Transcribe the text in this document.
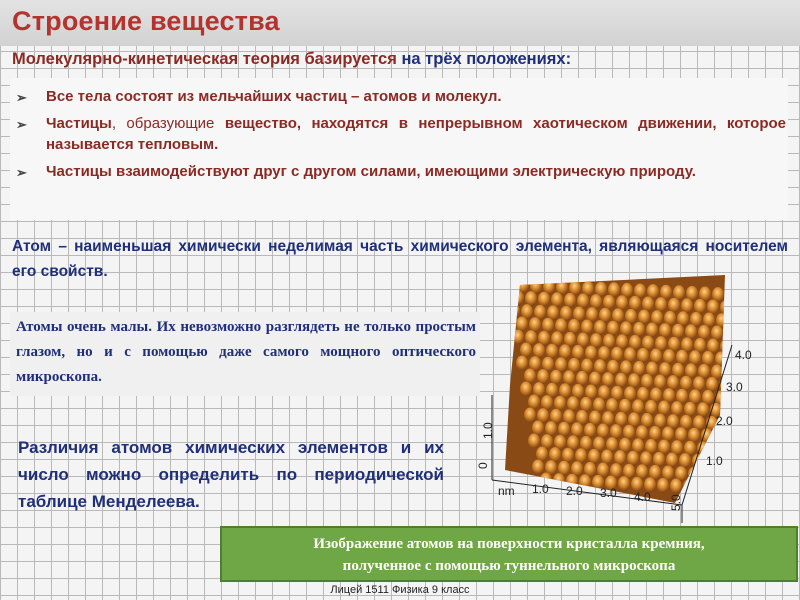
Строение вещества

Молекулярно-кинетическая теория базируется на трёх положениях:

➢ Все тела состоят из мельчайших частиц – атомов и молекул.
➢ Частицы, образующие вещество, находятся в непрерывном хаотическом движении, которое называется тепловым.
➢ Частицы взаимодействуют друг с другом силами, имеющими электрическую природу.

Атом – наименьшая химически неделимая часть химического элемента, являющаяся носителем его свойств.

Атомы очень малы. Их невозможно разглядеть не только простым глазом, но и с помощью даже самого мощного оптического микроскопа.

Различия атомов химических элементов и их число можно определить по периодической таблице Менделеева.

4.0
3.0
2.0
1.0
nm 1.0 2.0 3.0 4.0 5.0
0
1.0
Изображение атомов на поверхности кристалла кремния,
полученное с помощью туннельного микроскопа
Лицей 1511 Физика 9 класс
